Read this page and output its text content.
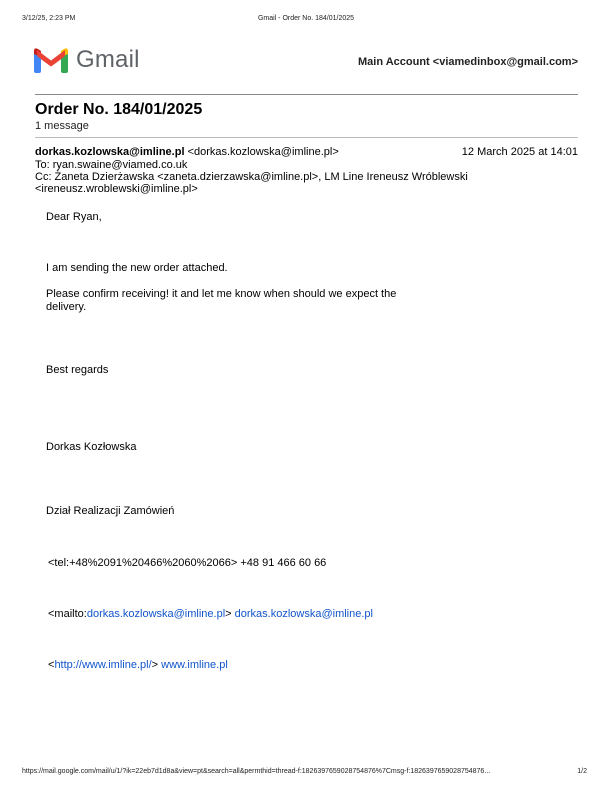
3/12/25, 2:23 PM	Gmail - Order No. 184/01/2025
Gmail	Main Account <viamedinbox@gmail.com>
Order No. 184/01/2025
1 message
dorkas.kozlowska@imline.pl <dorkas.kozlowska@imline.pl>	12 March 2025 at 14:01
To: ryan.swaine@viamed.co.uk
Cc: Żaneta Dzierżawska <zaneta.dzierzawska@imline.pl>, LM Line Ireneusz Wróblewski
<ireneusz.wroblewski@imline.pl>
Dear Ryan,
I am sending the new order attached.
Please confirm receiving! it and let me know when should we expect the
delivery.
Best regards
Dorkas Kozłowska
Dział Realizacji Zamówień
<tel:+48%2091%20466%2060%2066> +48 91 466 60 66
<mailto:dorkas.kozlowska@imline.pl> dorkas.kozlowska@imline.pl
<http://www.imline.pl/> www.imline.pl
https://mail.google.com/mail/u/1/?ik=22eb7d1d8a&view=pt&search=all&permthid=thread-f:1826397659028754876%7Cmsg-f:1826397659028754876...	1/2
